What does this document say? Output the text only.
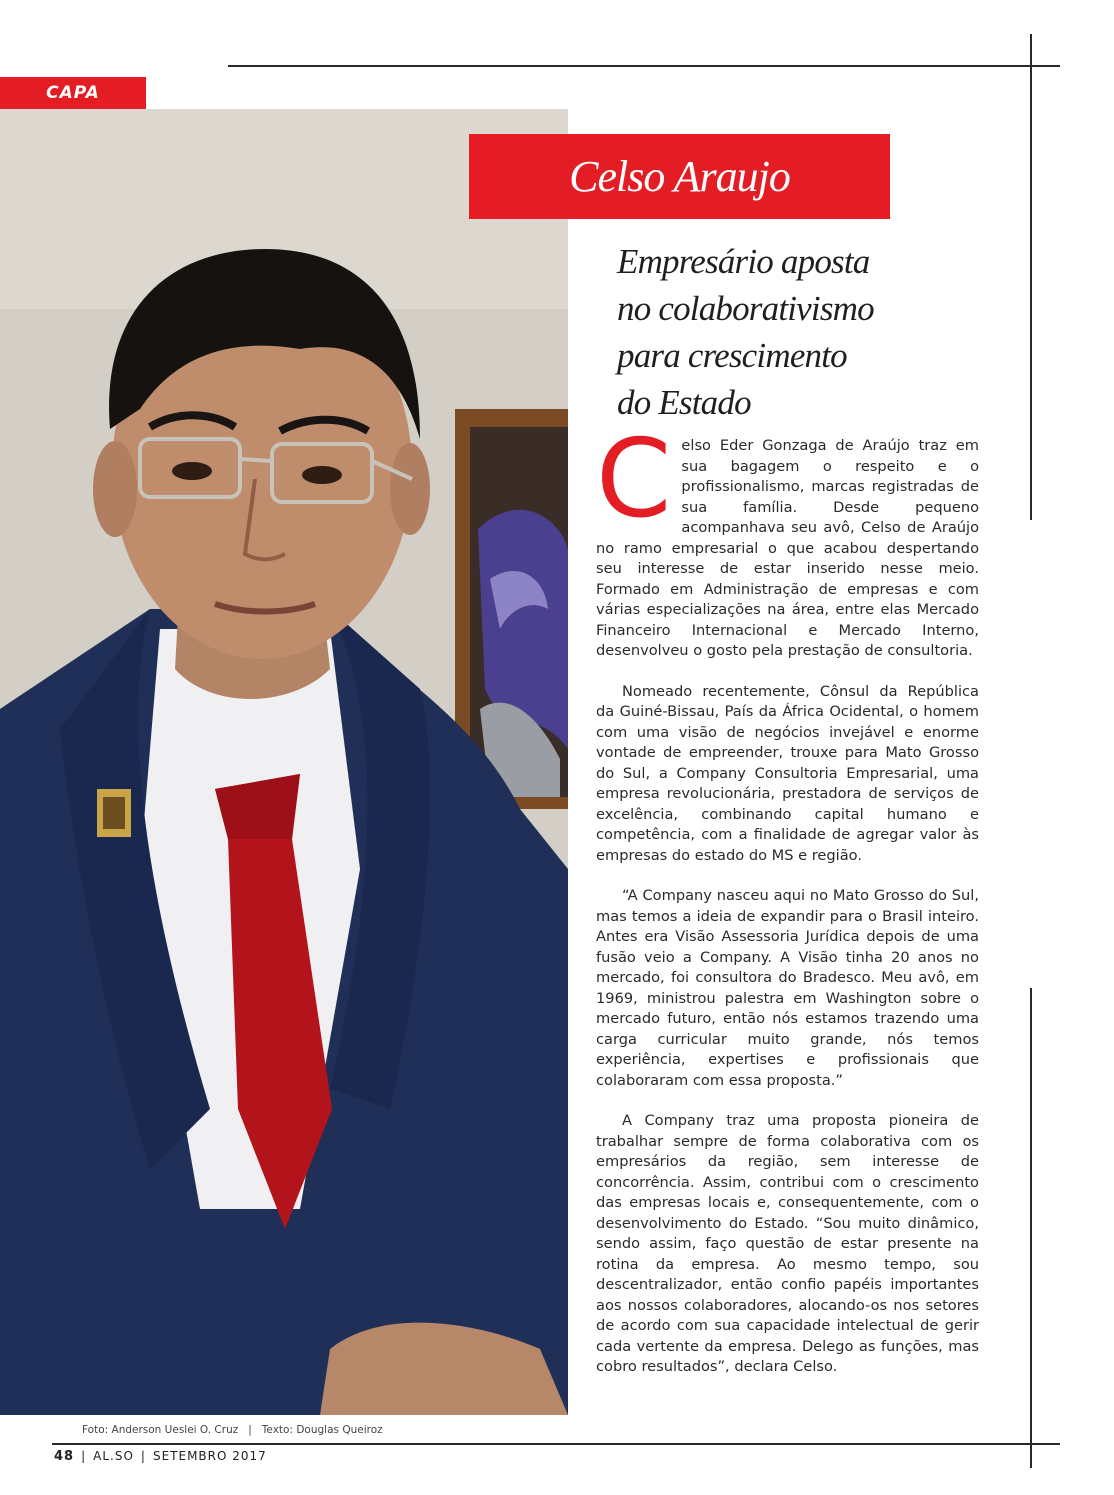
CAPA
Celso Araujo
Empresário aposta
no colaborativismo
para crescimento
do Estado

Celso Eder Gonzaga de Araújo traz em sua bagagem o respeito e o profissionalismo, marcas registradas de sua família. Desde pequeno acompanhava seu avô, Celso de Araújo no ramo empresarial o que acabou despertando seu interesse de estar inserido nesse meio. Formado em Administração de empresas e com várias especializações na área, entre elas Mercado Financeiro Internacional e Mercado Interno, desenvolveu o gosto pela prestação de consultoria.

Nomeado recentemente, Cônsul da República da Guiné-Bissau, País da África Ocidental, o homem com uma visão de negócios invejável e enorme vontade de empreender, trouxe para Mato Grosso do Sul, a Company Consultoria Empresarial, uma empresa revolucionária, prestadora de serviços de excelência, combinando capital humano e competência, com a finalidade de agregar valor às empresas do estado do MS e região.

“A Company nasceu aqui no Mato Grosso do Sul, mas temos a ideia de expandir para o Brasil inteiro. Antes era Visão Assessoria Jurídica depois de uma fusão veio a Company. A Visão tinha 20 anos no mercado, foi consultora do Bradesco. Meu avô, em 1969, ministrou palestra em Washington sobre o mercado futuro, então nós estamos trazendo uma carga curricular muito grande, nós temos experiência, expertises e profissionais que colaboraram com essa proposta.”

A Company traz uma proposta pioneira de trabalhar sempre de forma colaborativa com os empresários da região, sem interesse de concorrência. Assim, contribui com o crescimento das empresas locais e, consequentemente, com o desenvolvimento do Estado. “Sou muito dinâmico, sendo assim, faço questão de estar presente na rotina da empresa. Ao mesmo tempo, sou descentralizador, então confio papéis importantes aos nossos colaboradores, alocando-os nos setores de acordo com sua capacidade intelectual de gerir cada vertente da empresa. Delego as funções, mas cobro resultados”, declara Celso.

Foto: Anderson Ueslei O. Cruz | Texto: Douglas Queiroz
48 | AL.SO | SETEMBRO 2017
